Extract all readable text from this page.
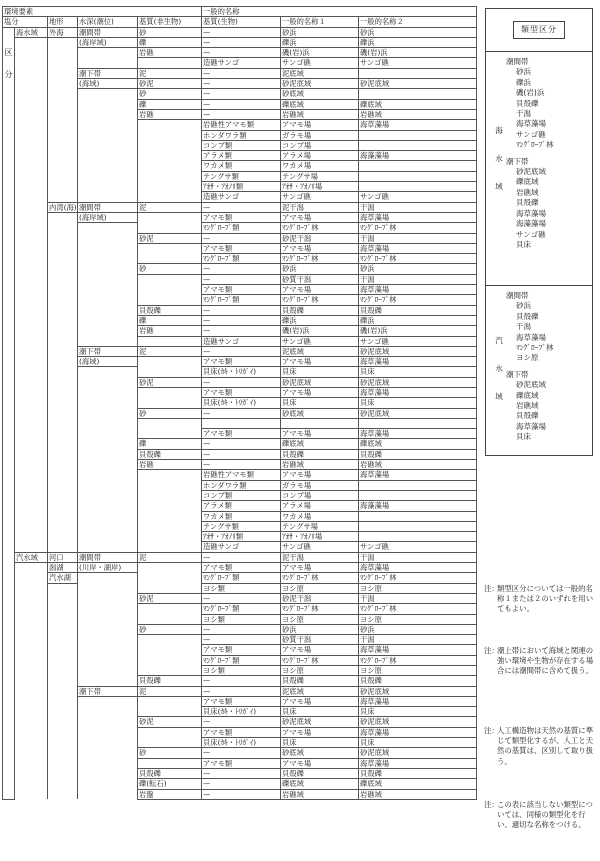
環境要素					一般的名称		
塩分		地形	水深(潮位)	基質(非生物)	基質(生物)	一般的名称１	一般的名称２

区
分	海水域	外海	潮間帯	砂	—	砂浜	砂浜
			(海岸域)	礫	—	礫浜	礫浜
				岩礁	—	磯(岩)浜	磯(岩)浜
					造礁サンゴ	サンゴ礁	サンゴ礁
			潮下帯	泥	—	泥底域	
			(海域)	砂泥	—	砂泥底域	砂泥底域
				砂	—	砂底域	
				礫	—	礫底域	礫底域
				岩礁	—	岩礁域	岩礁域
					岩礁性アマモ類	アマモ場	海草藻場
					ホンダワラ類	ガラモ場	
					コンブ類	コンブ場	
					アラメ類	アラメ場	海藻藻場
					ワカメ類	ワカメ場	
					テングサ類	テングサ場	
					ｱｵｻ・ｱｵﾉﾘ類	ｱｵｻ・ｱｵﾉﾘ場	
					造礁サンゴ	サンゴ礁	サンゴ礁
		内湾(海)	潮間帯	泥	—	泥干潟	干潟
			(海岸域)		アマモ類	アマモ場	海草藻場
					ﾏﾝｸﾞﾛｰﾌﾞ類	ﾏﾝｸﾞﾛｰﾌﾞ林	ﾏﾝｸﾞﾛｰﾌﾞ林
				砂泥	—	砂泥干潟	干潟
					アマモ類	アマモ場	海草藻場
					ﾏﾝｸﾞﾛｰﾌﾞ類	ﾏﾝｸﾞﾛｰﾌﾞ林	ﾏﾝｸﾞﾛｰﾌﾞ林
				砂	—	砂浜	砂浜
					—	砂質干潟	干潟
					アマモ類	アマモ場	海草藻場
					ﾏﾝｸﾞﾛｰﾌﾞ類	ﾏﾝｸﾞﾛｰﾌﾞ林	ﾏﾝｸﾞﾛｰﾌﾞ林
				貝殻礫	—	貝殻礫	貝殻礫
				礫	—	礫浜	礫浜
				岩礁	—	磯(岩)浜	磯(岩)浜
					造礁サンゴ	サンゴ礁	サンゴ礁
			潮下帯	泥	—	泥底域	砂泥底域
			(海域)		アマモ類	アマモ場	海草藻場
					貝床(ｶｷ・ﾄﾘｶﾞｲ)	貝床	貝床
				砂泥	—	砂泥底域	砂泥底域
					アマモ類	アマモ場	海草藻場
					貝床(ｶｷ・ﾄﾘｶﾞｲ)	貝床	貝床
				砂	—	砂底域	砂泥底域

					アマモ類	アマモ場	海草藻場
				礫	—	礫底域	礫底域
				貝殻礫	—	貝殻礫	貝殻礫
				岩礁	—	岩礁域	岩礁域
					岩礁性アマモ類	アマモ場	海草藻場
					ホンダワラ類	ガラモ場	
					コンブ類	コンブ場	
					アラメ類	アラメ場	海藻藻場
					ワカメ類	ワカメ場	
					テングサ類	テングサ場	
					ｱｵｻ・ｱｵﾉﾘ類	ｱｵｻ・ｱｵﾉﾘ場	
					造礁サンゴ	サンゴ礁	サンゴ礁
	汽水域	河口	潮間帯	泥	—	泥干潟	干潟
		潟湖	(川岸・湖岸)		アマモ類	アマモ場	海草藻場
		汽水湖			ﾏﾝｸﾞﾛｰﾌﾞ類	ﾏﾝｸﾞﾛｰﾌﾞ林	ﾏﾝｸﾞﾛｰﾌﾞ林
					ヨシ類	ヨシ原	ヨシ原
				砂泥	—	砂泥干潟	干潟
					ﾏﾝｸﾞﾛｰﾌﾞ類	ﾏﾝｸﾞﾛｰﾌﾞ林	ﾏﾝｸﾞﾛｰﾌﾞ林
					ヨシ類	ヨシ原	ヨシ原
				砂	—	砂浜	砂浜
					—	砂質干潟	干潟
					アマモ類	アマモ場	海草藻場
					ﾏﾝｸﾞﾛｰﾌﾞ類	ﾏﾝｸﾞﾛｰﾌﾞ林	ﾏﾝｸﾞﾛｰﾌﾞ林
					ヨシ類	ヨシ原	ヨシ原
				貝殻礫	—	貝殻礫	貝殻礫
			潮下帯	泥	—	泥底域	砂泥底域
					アマモ類	アマモ場	海草藻場
					貝床(ｶｷ・ﾄﾘｶﾞｲ)	貝床	貝床
				砂泥	—	砂泥底域	砂泥底域
					アマモ類	アマモ場	海草藻場
					貝床(ｶｷ・ﾄﾘｶﾞｲ)	貝床	貝床
				砂	—	砂底域	砂泥底域
					アマモ類	アマモ場	海草藻場
				貝殻礫	—	貝殻礫	貝殻礫
				礫(転石)	—	礫底域	礫底域
				岩盤	—	岩礁域	岩礁域
類型区分
海
水
域
潮間帯
砂浜
礫浜
磯(岩)浜
貝殻礫
干潟
海草藻場
サンゴ礁
ﾏﾝｸﾞﾛｰﾌﾞ林
潮下帯
砂泥底域
礫底域
岩礁域
貝殻礫
海草藻場
海藻藻場
サンゴ礁
貝床
汽
水
域
潮間帯
砂浜
貝殻礫
干潟
海草藻場
ﾏﾝｸﾞﾛｰﾌﾞ林
ヨシ原
潮下帯
砂泥底域
礫底域
岩礁域
貝殻礫
海草藻場
貝床
注：
類型区分については一般的名称１または２のいずれを用いてもよい。
注：
潮上帯において海域と関連の強い環境や生物が存在する場合には潮間帯に含めて扱う。
注：
人工構造物は天然の基質に準じて類型化するが、人工と天然の基質は、区別して取り扱う。
注：
この表に該当しない類型については、同様の類型化を行い、適切な名称をつける。
